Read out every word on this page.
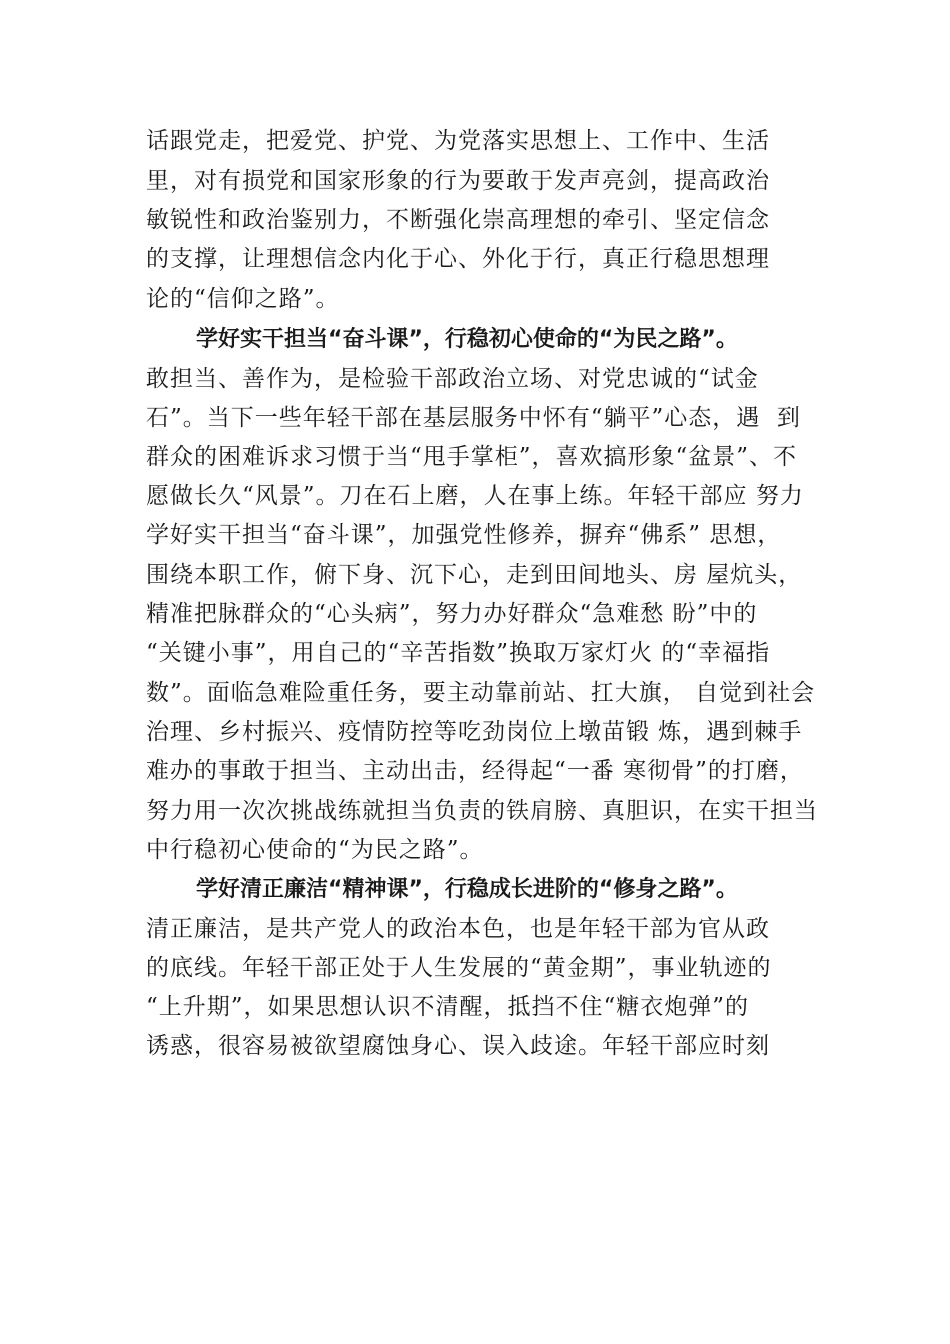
话跟党走，把爱党、护党、为党落实思想上、工作中、生活
里，对有损党和国家形象的行为要敢于发声亮剑，提高政治
敏锐性和政治鉴别力，不断强化崇高理想的牵引、坚定信念
的支撑，让理想信念内化于心、外化于行，真正行稳思想理
论的“信仰之路”。
学好实干担当“奋斗课”，行稳初心使命的“为民之路”。
敢担当、善作为，是检验干部政治立场、对党忠诚的“试金
石”。当下一些年轻干部在基层服务中怀有“躺平”心态，遇  到
群众的困难诉求习惯于当“甩手掌柜”，喜欢搞形象“盆景”、不
愿做长久“风景”。刀在石上磨，人在事上练。年轻干部应 努力
学好实干担当“奋斗课”，加强党性修养，摒弃“佛系” 思想，
围绕本职工作，俯下身、沉下心，走到田间地头、房 屋炕头，
精准把脉群众的“心头病”，努力办好群众“急难愁 盼”中的
“关键小事”，用自己的“辛苦指数”换取万家灯火 的“幸福指
数”。面临急难险重任务，要主动靠前站、扛大旗， 自觉到社会
治理、乡村振兴、疫情防控等吃劲岗位上墩苗锻 炼，遇到棘手
难办的事敢于担当、主动出击，经得起“一番 寒彻骨”的打磨，
努力用一次次挑战练就担当负责的铁肩膀、真胆识，在实干担当
中行稳初心使命的“为民之路”。
学好清正廉洁“精神课”，行稳成长进阶的“修身之路”。
清正廉洁，是共产党人的政治本色，也是年轻干部为官从政
的底线。年轻干部正处于人生发展的“黄金期”，事业轨迹的
“上升期”，如果思想认识不清醒，抵挡不住“糖衣炮弹”的
诱惑，很容易被欲望腐蚀身心、误入歧途。年轻干部应时刻
